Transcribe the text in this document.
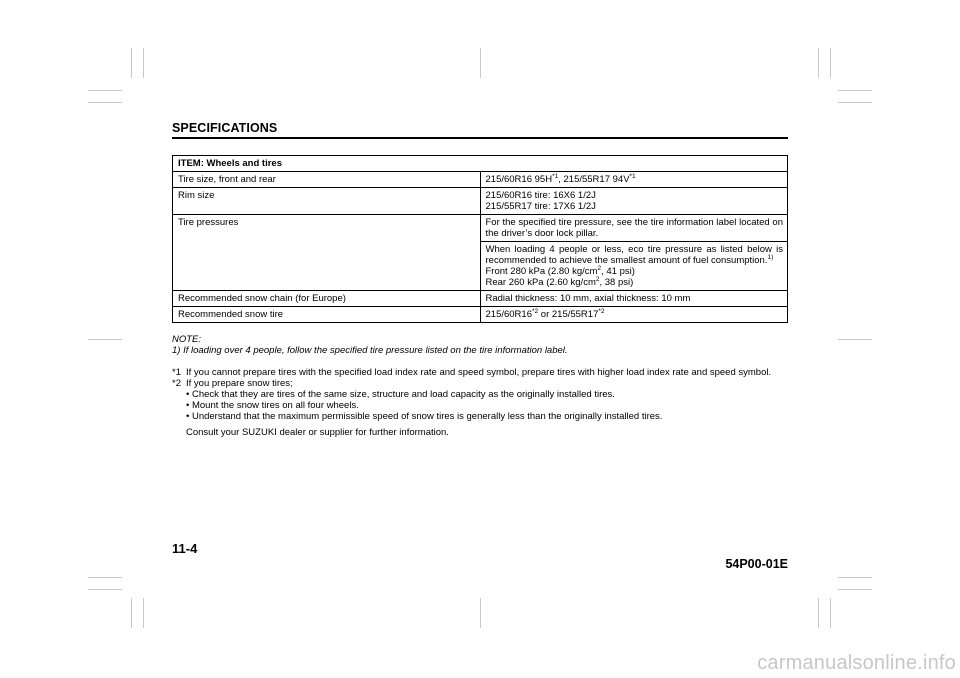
SPECIFICATIONS
ITEM: Wheels and tires	
Tire size, front and rear	215/60R16 $95H^{*1}$, 215/55R17 $94V^{*1}$
Rim size	215/60R16 tire: 16X6 1/2J
215/55R17 tire: 17X6 1/2J

Tire pressures	For the specified tire pressure, see the tire information label located on the driver’s door lock pillar.

	When loading 4 people or less, eco tire pressure as listed below is recommended to achieve the smallest amount of fuel consumption.$^{1)}$
Front 280 kPa (2.80 $kg/cm^2$, 41 psi)
Rear 260 kPa (2.60 $kg/cm^2$, 38 psi)

Recommended snow chain (for Europe)	Radial thickness: 10 mm, axial thickness: 10 mm
Recommended snow tire	215/60R16$^{*2}$ or 215/55R17$^{*2}$
NOTE:
1) If loading over 4 people, follow the specified tire pressure listed on the tire information label.
*1 If you cannot prepare tires with the specified load index rate and speed symbol, prepare tires with higher load index rate and speed symbol.
*2 If you prepare snow tires;
• Check that they are tires of the same size, structure and load capacity as the originally installed tires.
• Mount the snow tires on all four wheels.
• Understand that the maximum permissible speed of snow tires is generally less than the originally installed tires.
Consult your SUZUKI dealer or supplier for further information.
11-4
54P00-01E
carmanualsonline.info
